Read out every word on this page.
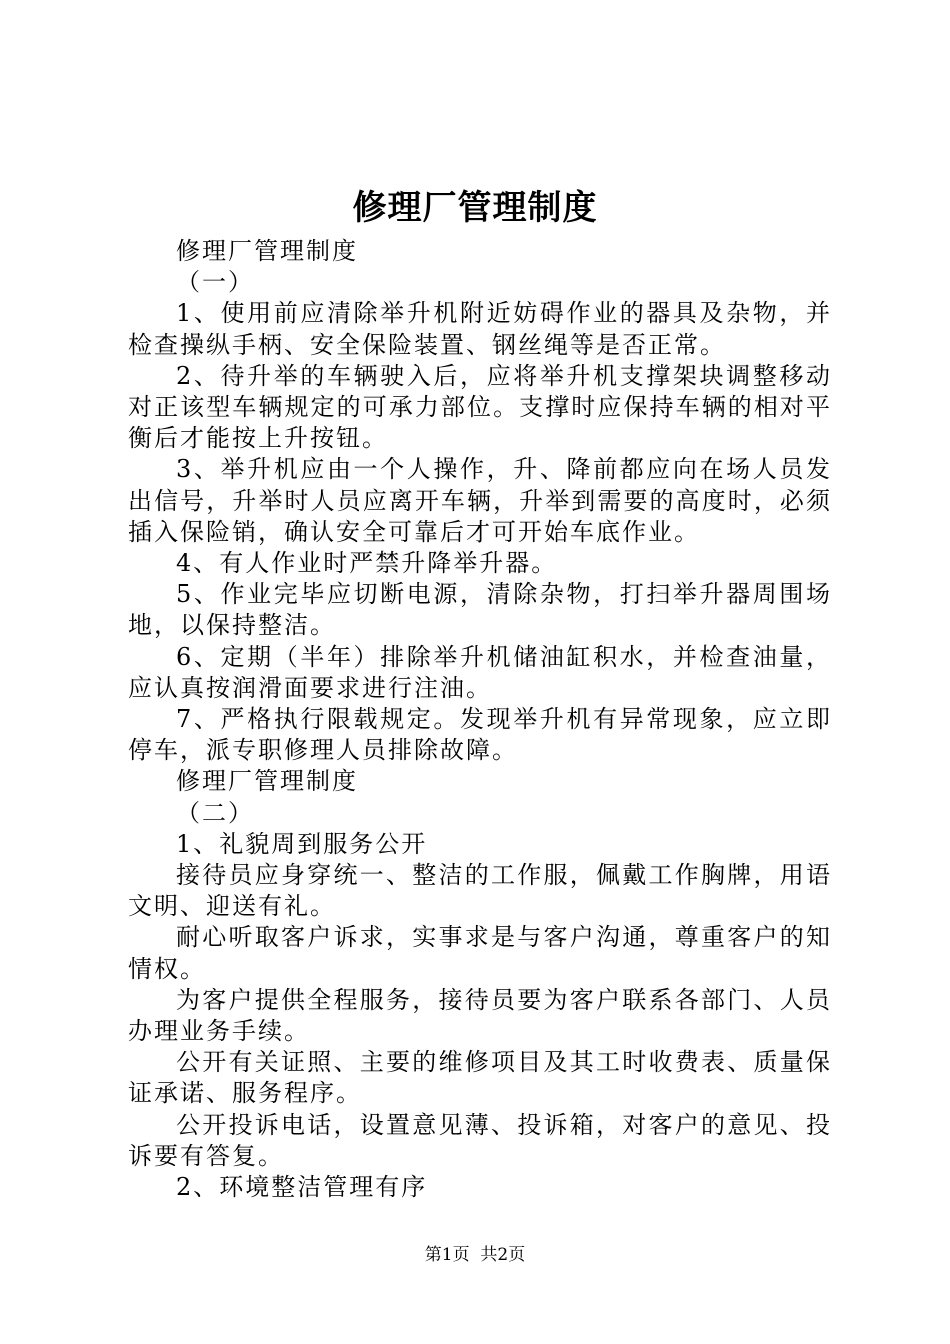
修理厂管理制度

修理厂管理制度

（一）

1、使用前应清除举升机附近妨碍作业的器具及杂物，并检查操纵手柄、安全保险装置、钢丝绳等是否正常。

2、待升举的车辆驶入后，应将举升机支撑架块调整移动对正该型车辆规定的可承力部位。支撑时应保持车辆的相对平衡后才能按上升按钮。

3、举升机应由一个人操作，升、降前都应向在场人员发出信号，升举时人员应离开车辆，升举到需要的高度时，必须插入保险销，确认安全可靠后才可开始车底作业。

4、有人作业时严禁升降举升器。

5、作业完毕应切断电源，清除杂物，打扫举升器周围场地，以保持整洁。

6、定期（半年）排除举升机储油缸积水，并检查油量，应认真按润滑面要求进行注油。

7、严格执行限载规定。发现举升机有异常现象，应立即停车，派专职修理人员排除故障。

修理厂管理制度

（二）

1、礼貌周到服务公开

接待员应身穿统一、整洁的工作服，佩戴工作胸牌，用语文明、迎送有礼。

耐心听取客户诉求，实事求是与客户沟通，尊重客户的知情权。

为客户提供全程服务，接待员要为客户联系各部门、人员办理业务手续。

公开有关证照、主要的维修项目及其工时收费表、质量保证承诺、服务程序。

公开投诉电话，设置意见薄、投诉箱，对客户的意见、投诉要有答复。

2、环境整洁管理有序

第1页  共2页
